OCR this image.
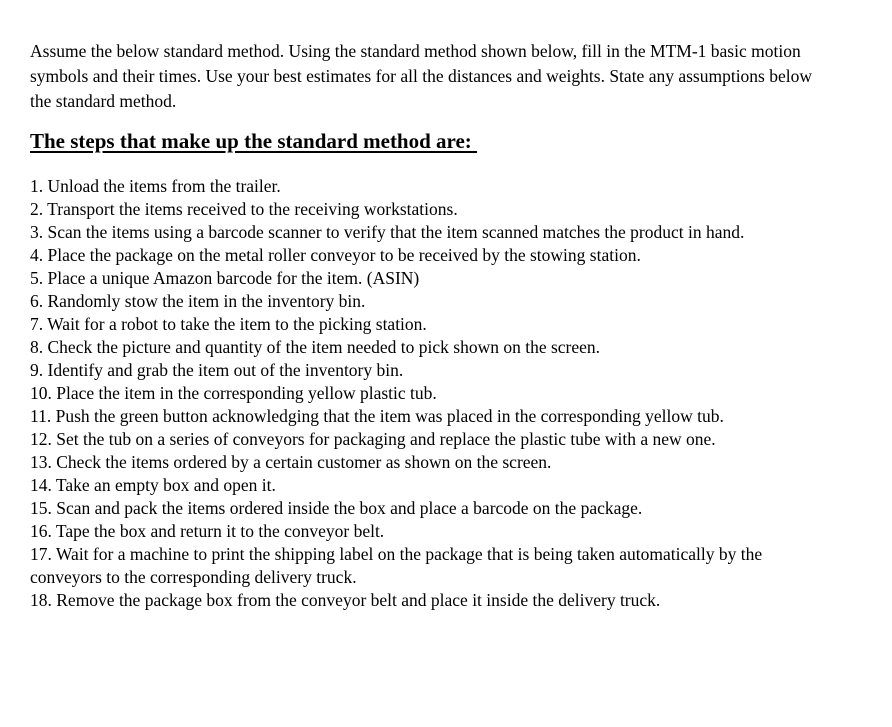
Assume the below standard method. Using the standard method shown below, fill in the MTM-1 basic motion symbols and their times. Use your best estimates for all the distances and weights. State any assumptions below the standard method.

The steps that make up the standard method are:
1. Unload the items from the trailer.
2. Transport the items received to the receiving workstations.
3. Scan the items using a barcode scanner to verify that the item scanned matches the product in hand.
4. Place the package on the metal roller conveyor to be received by the stowing station.
5. Place a unique Amazon barcode for the item. (ASIN)
6. Randomly stow the item in the inventory bin.
7. Wait for a robot to take the item to the picking station.
8. Check the picture and quantity of the item needed to pick shown on the screen.
9. Identify and grab the item out of the inventory bin.
10. Place the item in the corresponding yellow plastic tub.
11. Push the green button acknowledging that the item was placed in the corresponding yellow tub.
12. Set the tub on a series of conveyors for packaging and replace the plastic tube with a new one.
13. Check the items ordered by a certain customer as shown on the screen.
14. Take an empty box and open it.
15. Scan and pack the items ordered inside the box and place a barcode on the package.
16. Tape the box and return it to the conveyor belt.
17. Wait for a machine to print the shipping label on the package that is being taken automatically by the conveyors to the corresponding delivery truck.
18. Remove the package box from the conveyor belt and place it inside the delivery truck.
